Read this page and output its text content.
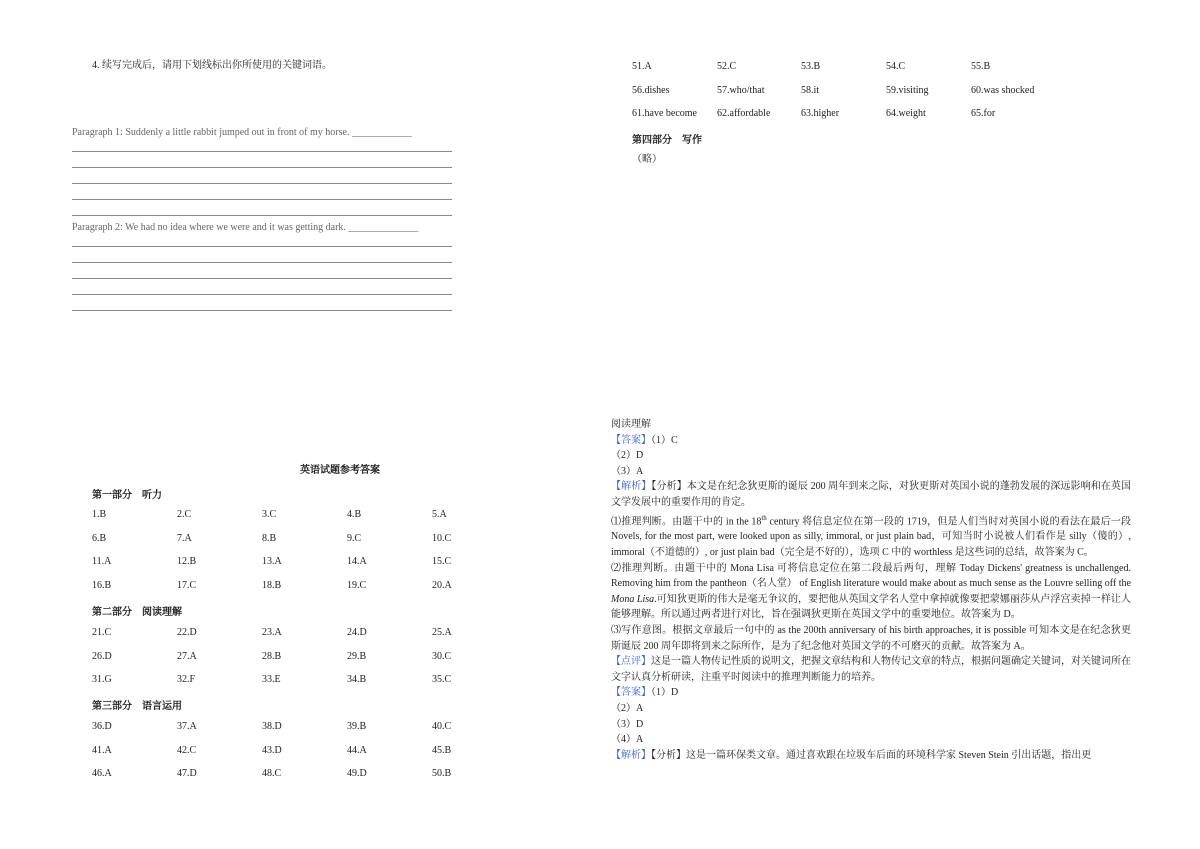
4. 续写完成后，请用下划线标出你所使用的关键词语。
Paragraph 1: Suddenly a little rabbit jumped out in front of my horse. ____________
Paragraph 2: We had no idea where we were and it was getting dark. ______________
英语试题参考答案
第一部分　听力
1.B	2.C	3.C	4.B	5.A
6.B	7.A	8.B	9.C	10.C
11.A	12.B	13.A	14.A	15.C
16.B	17.C	18.B	19.C	20.A
第二部分　阅读理解
21.C	22.D	23.A	24.D	25.A
26.D	27.A	28.B	29.B	30.C
31.G	32.F	33.E	34.B	35.C
第三部分　语言运用
36.D	37.A	38.D	39.B	40.C
41.A	42.C	43.D	44.A	45.B
46.A	47.D	48.C	49.D	50.B
51.A	52.C	53.B	54.C	55.B
56.dishes	57.who/that	58.it	59.visiting	60.was shocked
61.have become 62.affordable	63.higher	64.weight	65.for
第四部分　写作
（略）
阅读理解
【答案】（1）C
（2）D
（3）A
【解析】【分析】本文是在纪念狄更斯的诞辰 200 周年到来之际，对狄更斯对英国小说的蓬勃发展的深远影响和在英国文学发展中的重要作用的肯定。
⑴推理判断。由题干中的 in the 18th century 将信息定位在第一段的 1719，但是人们当时对英国小说的看法在最后一段 Novels, for the most part, were looked upon as silly, immoral, or just plain bad，可知当时小说被人们看作是 silly（傻的）, immoral（不道德的）, or just plain bad（完全是不好的），选项 C 中的 worthless 是这些词的总结，故答案为 C。
⑵推理判断。由题干中的 Mona Lisa 可将信息定位在第二段最后两句，理解 Today Dickens' greatness is unchallenged. Removing him from the pantheon（名人堂） of English literature would make about as much sense as the Louvre selling off the Mona Lisa.可知狄更斯的伟大是毫无争议的，要把他从英国文学名人堂中拿掉就像要把蒙娜丽莎从卢浮宫卖掉一样让人能够理解。所以通过两者进行对比，旨在强调狄更斯在英国文学中的重要地位。故答案为 D。
⑶写作意图。根据文章最后一句中的 as the 200th anniversary of his birth approaches, it is possible 可知本文是在纪念狄更斯诞辰 200 周年即将到来之际所作，是为了纪念他对英国文学的不可磨灭的贡献。故答案为 A。
【点评】这是一篇人物传记性质的说明文，把握文章结构和人物传记文章的特点，根据问题确定关键词，对关键词所在文字认真分析研读，注重平时阅读中的推理判断能力的培养。
【答案】（1）D
（2）A
（3）D
（4）A
【解析】【分析】这是一篇环保类文章。通过喜欢跟在垃圾车后面的环境科学家 Steven Stein 引出话题，指出更
